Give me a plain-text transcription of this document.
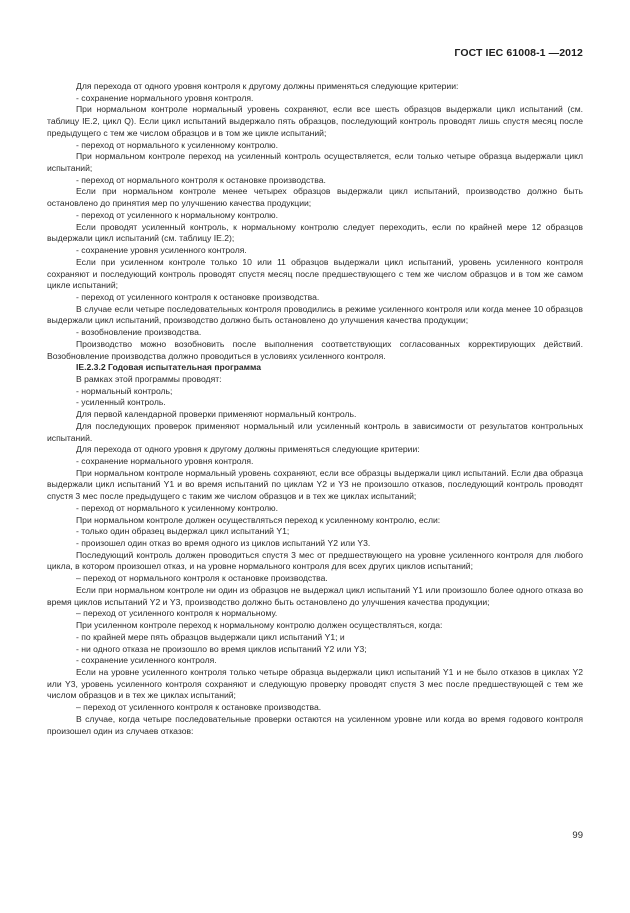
ГОСТ IEC 61008-1 —2012

Для перехода от одного уровня контроля к другому должны применяться следующие критерии:

- сохранение нормального уровня контроля.

При нормальном контроле нормальный уровень сохраняют, если все шесть образцов выдержали цикл испытаний (см. таблицу IE.2, цикл Q). Если цикл испытаний выдержало пять образцов, последующий контроль проводят лишь спустя месяц после предыдущего с тем же числом образцов и в том же цикле испытаний;

- переход от нормального к усиленному контролю.

При нормальном контроле переход на усиленный контроль осуществляется, если только четыре образца выдержали цикл испытаний;

- переход от нормального контроля к остановке производства.

Если при нормальном контроле менее четырех образцов выдержали цикл испытаний, производство должно быть остановлено до принятия мер по улучшению качества продукции;

- переход от усиленного к нормальному контролю.

Если проводят усиленный контроль, к нормальному контролю следует переходить, если по крайней мере 12 образцов выдержали цикл испытаний (см. таблицу IE.2);

- сохранение уровня усиленного контроля.

Если при усиленном контроле только 10 или 11 образцов выдержали цикл испытаний, уровень усиленного контроля сохраняют и последующий контроль проводят спустя месяц после предшествующего с тем же числом образцов и в том же самом цикле испытаний;

- переход от усиленного контроля к остановке производства.

В случае если четыре последовательных контроля проводились в режиме усиленного контроля или когда менее 10 образцов выдержали цикл испытаний, производство должно быть остановлено до улучшения качества продукции;

- возобновление производства.

Производство можно возобновить после выполнения соответствующих согласованных корректирующих действий. Возобновление производства должно проводиться в условиях усиленного контроля.

IE.2.3.2 Годовая испытательная программа

В рамках этой программы проводят:

- нормальный контроль;

- усиленный контроль.

Для первой календарной проверки применяют нормальный контроль.

Для последующих проверок применяют нормальный или усиленный контроль в зависимости от результатов контрольных испытаний.

Для перехода от одного уровня к другому должны применяться следующие критерии:

- сохранение нормального уровня контроля.

При нормальном контроле нормальный уровень сохраняют, если все образцы выдержали цикл испытаний. Если два образца выдержали цикл испытаний Y1 и во время испытаний по циклам Y2 и Y3 не произошло отказов, последующий контроль проводят спустя 3 мес после предыдущего с таким же числом образцов и в тех же циклах испытаний;

- переход от нормального к усиленному контролю.

При нормальном контроле должен осуществляться переход к усиленному контролю, если:

- только один образец выдержал цикл испытаний Y1;

- произошел один отказ во время одного из циклов испытаний Y2 или Y3.

Последующий контроль должен проводиться спустя 3 мес от предшествующего на уровне усиленного контроля для любого цикла, в котором произошел отказ, и на уровне нормального контроля для всех других циклов испытаний;

– переход от нормального контроля к остановке производства.

Если при нормальном контроле ни один из образцов не выдержал цикл испытаний Y1 или произошло более одного отказа во время циклов испытаний Y2 и Y3, производство должно быть остановлено до улучшения качества продукции;

– переход от усиленного контроля к нормальному.

При усиленном контроле переход к нормальному контролю должен осуществляться, когда:

- по крайней мере пять образцов выдержали цикл испытаний Y1; и

- ни одного отказа не произошло во время циклов испытаний Y2 или Y3;

- сохранение усиленного контроля.

Если на уровне усиленного контроля только четыре образца выдержали цикл испытаний Y1 и не было отказов в циклах Y2 или Y3, уровень усиленного контроля сохраняют и следующую проверку проводят спустя 3 мес после предшествующей с тем же числом образцов и в тех же циклах испытаний;

– переход от усиленного контроля к остановке производства.

В случае, когда четыре последовательные проверки остаются на усиленном уровне или когда во время годового контроля произошел один из случаев отказов:

99
